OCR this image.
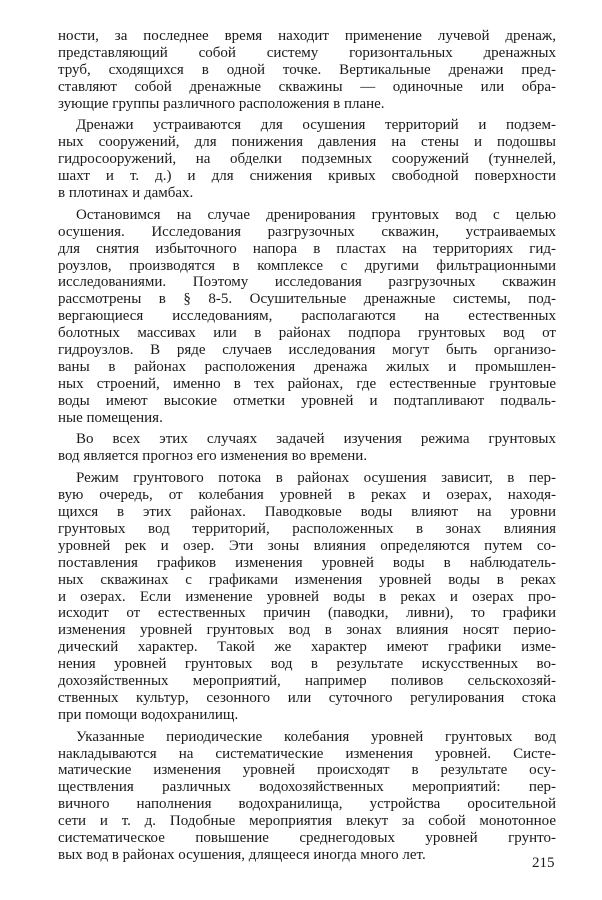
ности, за последнее время находит применение лучевой дренаж,
представляющий собой систему горизонтальных дренажных
труб, сходящихся в одной точке. Вертикальные дренажи пред-
ставляют собой дренажные скважины — одиночные или обра-
зующие группы различного расположения в плане.
Дренажи устраиваются для осушения территорий и подзем-
ных сооружений, для понижения давления на стены и подошвы
гидросооружений, на обделки подземных сооружений (туннелей,
шахт и т. д.) и для снижения кривых свободной поверхности
в плотинах и дамбах.
Остановимся на случае дренирования грунтовых вод с целью
осушения. Исследования разгрузочных скважин, устраиваемых
для снятия избыточного напора в пластах на территориях гид-
роузлов, производятся в комплексе с другими фильтрационными
исследованиями. Поэтому исследования разгрузочных скважин
рассмотрены в § 8-5. Осушительные дренажные системы, под-
вергающиеся исследованиям, располагаются на естественных
болотных массивах или в районах подпора грунтовых вод от
гидроузлов. В ряде случаев исследования могут быть организо-
ваны в районах расположения дренажа жилых и промышлен-
ных строений, именно в тех районах, где естественные грунтовые
воды имеют высокие отметки уровней и подтапливают подваль-
ные помещения.
Во всех этих случаях задачей изучения режима грунтовых
вод является прогноз его изменения во времени.
Режим грунтового потока в районах осушения зависит, в пер-
вую очередь, от колебания уровней в реках и озерах, находя-
щихся в этих районах. Паводковые воды влияют на уровни
грунтовых вод территорий, расположенных в зонах влияния
уровней рек и озер. Эти зоны влияния определяются путем со-
поставления графиков изменения уровней воды в наблюдатель-
ных скважинах с графиками изменения уровней воды в реках
и озерах. Если изменение уровней воды в реках и озерах про-
исходит от естественных причин (паводки, ливни), то графики
изменения уровней грунтовых вод в зонах влияния носят перио-
дический характер. Такой же характер имеют графики изме-
нения уровней грунтовых вод в результате искусственных во-
дохозяйственных мероприятий, например поливов сельскохозяй-
ственных культур, сезонного или суточного регулирования стока
при помощи водохранилищ.
Указанные периодические колебания уровней грунтовых вод
накладываются на систематические изменения уровней. Систе-
матические изменения уровней происходят в результате осу-
ществления различных водохозяйственных мероприятий: пер-
вичного наполнения водохранилища, устройства оросительной
сети и т. д. Подобные мероприятия влекут за собой монотонное
систематическое повышение среднегодовых уровней грунто-
вых вод в районах осушения, длящееся иногда много лет.
215
